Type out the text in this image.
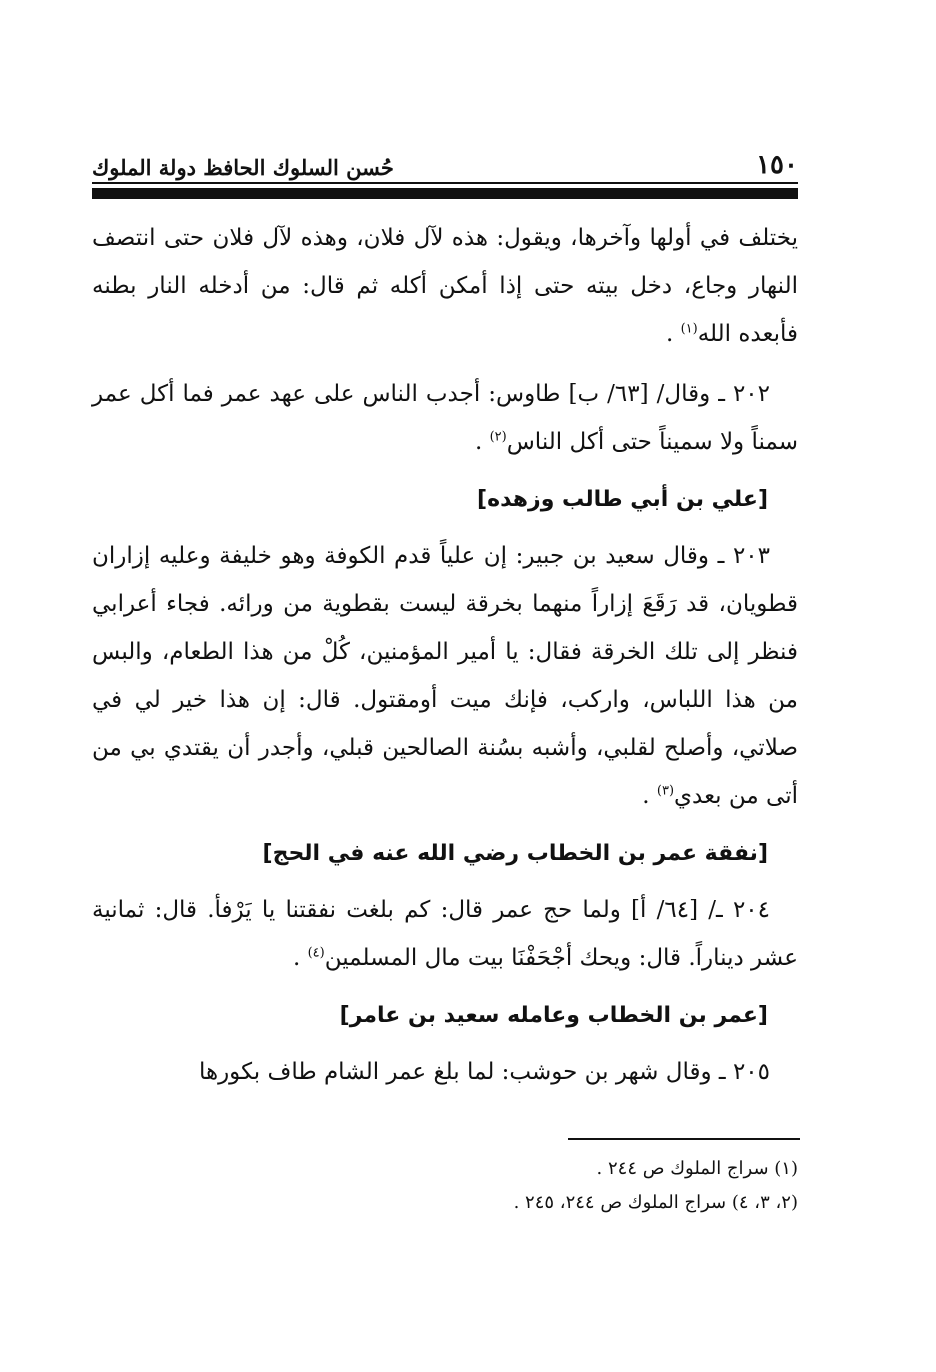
١٥٠
حُسن السلوك الحافظ دولة الملوك

يختلف في أولها وآخرها، ويقول: هذه لآل فلان، وهذه لآل فلان حتى انتصف النهار وجاع، دخل بيته حتى إذا أمكن أكله ثم قال: من أدخله النار بطنه فأبعده الله$^{(١)}$ .

٢٠٢ ـ وقال/ [٦٣/ ب] طاوس: أجدب الناس على عهد عمر فما أكل عمر سمناً ولا سميناً حتى أكل الناس$^{(٢)}$ .

[علي بن أبي طالب وزهده]

٢٠٣ ـ وقال سعيد بن جبير: إن علياً قدم الكوفة وهو خليفة وعليه إزاران قطويان، قد رَقَعَ إزاراً منهما بخرقة ليست بقطوية من ورائه. فجاء أعرابي فنظر إلى تلك الخرقة فقال: يا أمير المؤمنين، كُلْ من هذا الطعام، والبس من هذا اللباس، واركب، فإنك ميت أومقتول. قال: إن هذا خير لي في صلاتي، وأصلح لقلبي، وأشبه بسُنة الصالحين قبلي، وأجدر أن يقتدي بي من أتى من بعدي$^{(٣)}$ .

[نفقة عمر بن الخطاب رضي الله عنه في الحج]

٢٠٤ ـ/ [٦٤/ أ] ولما حج عمر قال: كم بلغت نفقتنا يا يَرْفأ. قال: ثمانية عشر ديناراً. قال: ويحك أجْحَفْنَا بيت مال المسلمين$^{(٤)}$ .

[عمر بن الخطاب وعامله سعيد بن عامر]

٢٠٥ ـ وقال شهر بن حوشب: لما بلغ عمر الشام طاف بكورها

(١) سراج الملوك ص ٢٤٤ .
(٢، ٣، ٤) سراج الملوك ص ٢٤٤، ٢٤٥ .
